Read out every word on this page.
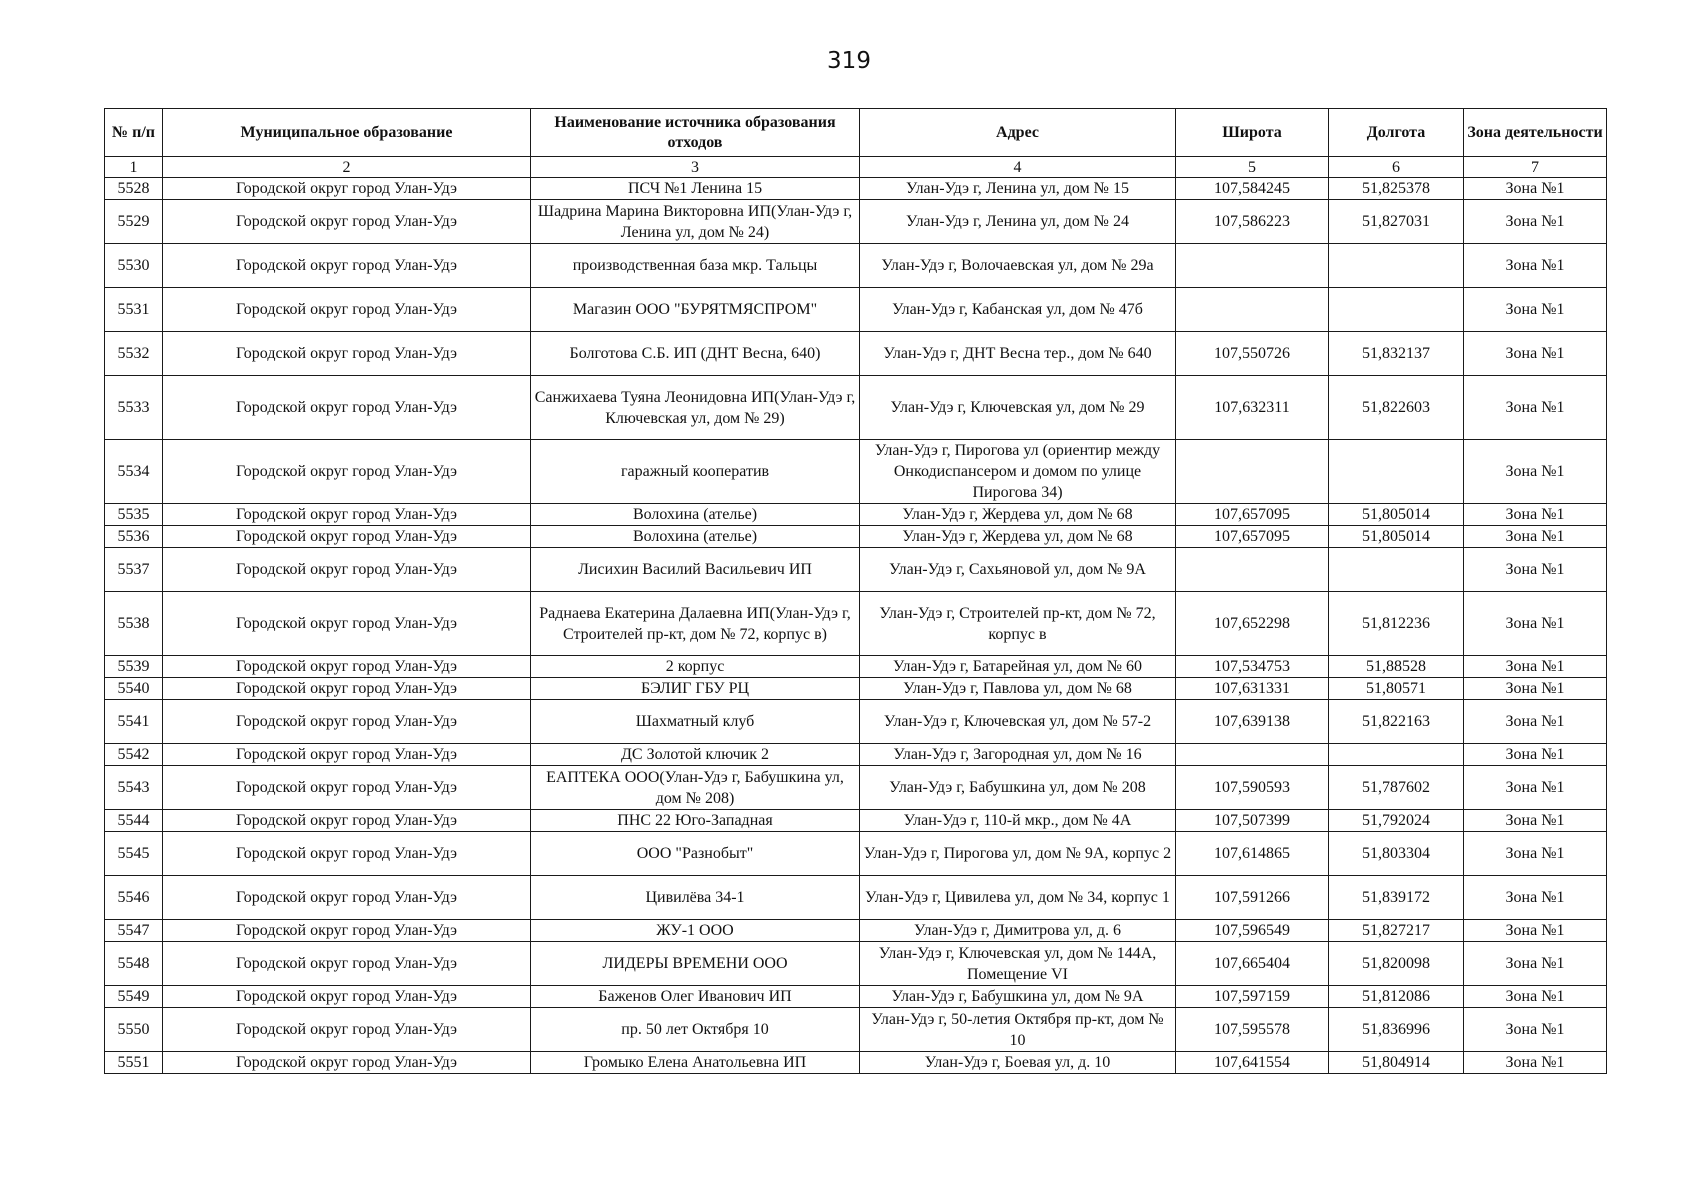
319
№ п/п	Муниципальное образование	Наименование источника образования отходов	Адрес	Широта	Долгота	Зона деятельности
1	2	3	4	5	6	7
5528	Городской округ город Улан-Удэ	ПСЧ №1 Ленина 15	Улан-Удэ г, Ленина ул, дом № 15	107,584245	51,825378	Зона №1
5529	Городской округ город Улан-Удэ	Шадрина Марина Викторовна ИП(Улан-Удэ г, Ленина ул, дом № 24)	Улан-Удэ г, Ленина ул, дом № 24	107,586223	51,827031	Зона №1
5530	Городской округ город Улан-Удэ	производственная база мкр. Тальцы	Улан-Удэ г, Волочаевская ул, дом № 29а			Зона №1
5531	Городской округ город Улан-Удэ	Магазин ООО "БУРЯТМЯСПРОМ"	Улан-Удэ г, Кабанская ул, дом № 47б			Зона №1
5532	Городской округ город Улан-Удэ	Болготова С.Б. ИП (ДНТ Весна, 640)	Улан-Удэ г, ДНТ Весна тер., дом № 640	107,550726	51,832137	Зона №1
5533	Городской округ город Улан-Удэ	Санжихаева Туяна Леонидовна ИП(Улан-Удэ г, Ключевская ул, дом № 29)	Улан-Удэ г, Ключевская ул, дом № 29	107,632311	51,822603	Зона №1
5534	Городской округ город Улан-Удэ	гаражный кооператив	Улан-Удэ г, Пирогова ул (ориентир между Онкодиспансером и домом по улице Пирогова 34)			Зона №1
5535	Городской округ город Улан-Удэ	Волохина (ателье)	Улан-Удэ г, Жердева ул, дом № 68	107,657095	51,805014	Зона №1
5536	Городской округ город Улан-Удэ	Волохина (ателье)	Улан-Удэ г, Жердева ул, дом № 68	107,657095	51,805014	Зона №1
5537	Городской округ город Улан-Удэ	Лисихин Василий Васильевич ИП	Улан-Удэ г, Сахьяновой ул, дом № 9А			Зона №1
5538	Городской округ город Улан-Удэ	Раднаева Екатерина Далаевна ИП(Улан-Удэ г, Строителей пр-кт, дом № 72, корпус в)	Улан-Удэ г, Строителей пр-кт, дом № 72, корпус в	107,652298	51,812236	Зона №1
5539	Городской округ город Улан-Удэ	2 корпус	Улан-Удэ г, Батарейная ул, дом № 60	107,534753	51,88528	Зона №1
5540	Городской округ город Улан-Удэ	БЭЛИГ ГБУ РЦ	Улан-Удэ г, Павлова ул, дом № 68	107,631331	51,80571	Зона №1
5541	Городской округ город Улан-Удэ	Шахматный клуб	Улан-Удэ г, Ключевская ул, дом № 57-2	107,639138	51,822163	Зона №1
5542	Городской округ город Улан-Удэ	ДС Золотой ключик 2	Улан-Удэ г, Загородная ул, дом № 16			Зона №1
5543	Городской округ город Улан-Удэ	ЕАПТЕКА ООО(Улан-Удэ г, Бабушкина ул, дом № 208)	Улан-Удэ г, Бабушкина ул, дом № 208	107,590593	51,787602	Зона №1
5544	Городской округ город Улан-Удэ	ПНС 22 Юго-Западная	Улан-Удэ г, 110-й мкр., дом № 4А	107,507399	51,792024	Зона №1
5545	Городской округ город Улан-Удэ	ООО "Разнобыт"	Улан-Удэ г, Пирогова ул, дом № 9А, корпус 2	107,614865	51,803304	Зона №1
5546	Городской округ город Улан-Удэ	Цивилёва 34-1	Улан-Удэ г, Цивилева ул, дом № 34, корпус 1	107,591266	51,839172	Зона №1
5547	Городской округ город Улан-Удэ	ЖУ-1 ООО	Улан-Удэ г, Димитрова ул, д. 6	107,596549	51,827217	Зона №1
5548	Городской округ город Улан-Удэ	ЛИДЕРЫ ВРЕМЕНИ ООО	Улан-Удэ г, Ключевская ул, дом № 144А, Помещение VI	107,665404	51,820098	Зона №1
5549	Городской округ город Улан-Удэ	Баженов Олег Иванович ИП	Улан-Удэ г, Бабушкина ул, дом № 9А	107,597159	51,812086	Зона №1
5550	Городской округ город Улан-Удэ	пр. 50 лет Октября 10	Улан-Удэ г, 50-летия Октября пр-кт, дом № 10	107,595578	51,836996	Зона №1
5551	Городской округ город Улан-Удэ	Громыко Елена Анатольевна ИП	Улан-Удэ г, Боевая ул, д. 10	107,641554	51,804914	Зона №1
